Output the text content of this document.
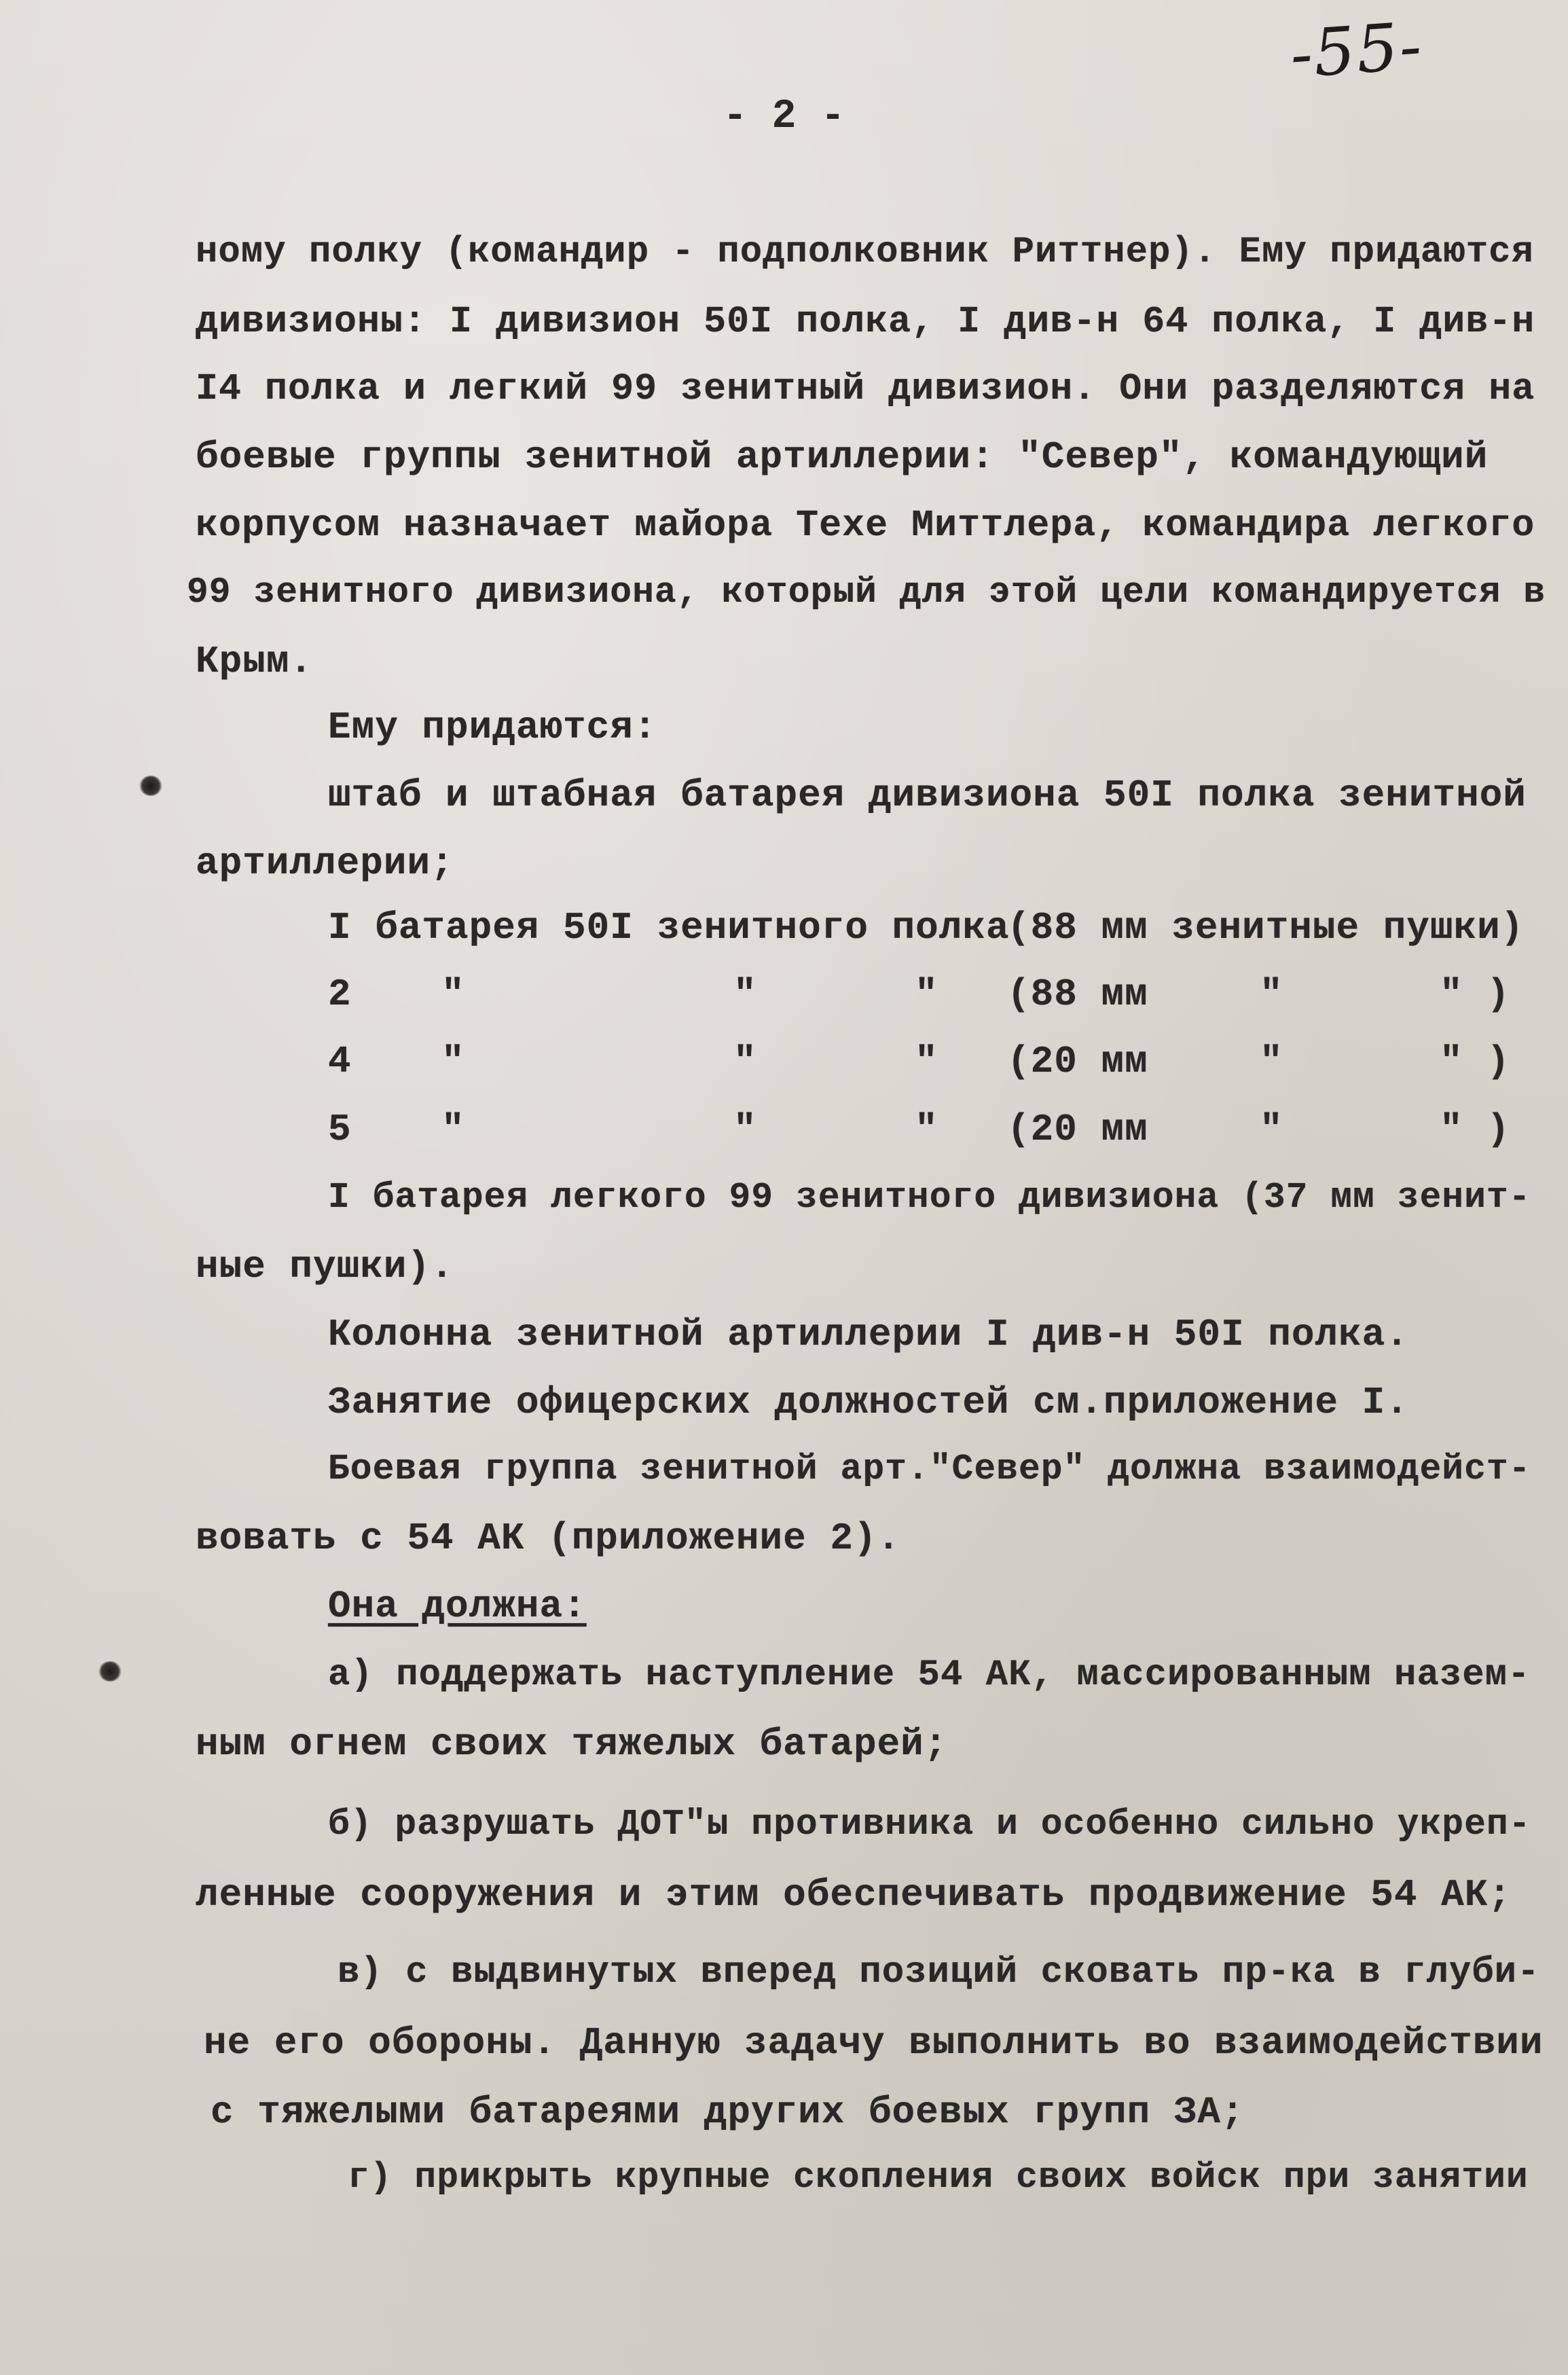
-55-
- 2 -
ному полку (командир - подполковник Риттнер). Ему придаются
дивизионы: I дивизион 50I полка, I див-н 64 полка, I див-н
I4 полка и легкий 99 зенитный дивизион. Они разделяются на
боевые группы зенитной артиллерии: "Север", командующий
корпусом назначает майора Техе Миттлера, командира легкого
99 зенитного дивизиона, который для этой цели командируется в
Крым.
Ему придаются:
штаб и штабная батарея дивизиона 50I полка зенитной
артиллерии;
I батарея 50I зенитного полка
(88 мм зенитные пушки)
2 "	"	" (88 мм	"	" )
4 "	"	" (20 мм	"	" )
5 "	"	" (20 мм	"	" )
I батарея легкого 99 зенитного дивизиона (37 мм зенит-
ные пушки).
Колонна зенитной артиллерии I див-н 50I полка.
Занятие офицерских должностей см.приложение I.
Боевая группа зенитной арт."Север" должна взаимодейст-
вовать с 54 АК (приложение 2).
Она должна:
а) поддержать наступление 54 АК, массированным назем-
ным огнем своих тяжелых батарей;
б) разрушать ДОТ"ы противника и особенно сильно укреп-
ленные сооружения и этим обеспечивать продвижение 54 АК;
в) с выдвинутых вперед позиций сковать пр-ка в глуби-
не его обороны. Данную задачу выполнить во взаимодействии
с тяжелыми батареями других боевых групп ЗА;
г) прикрыть крупные скопления своих войск при занятии
